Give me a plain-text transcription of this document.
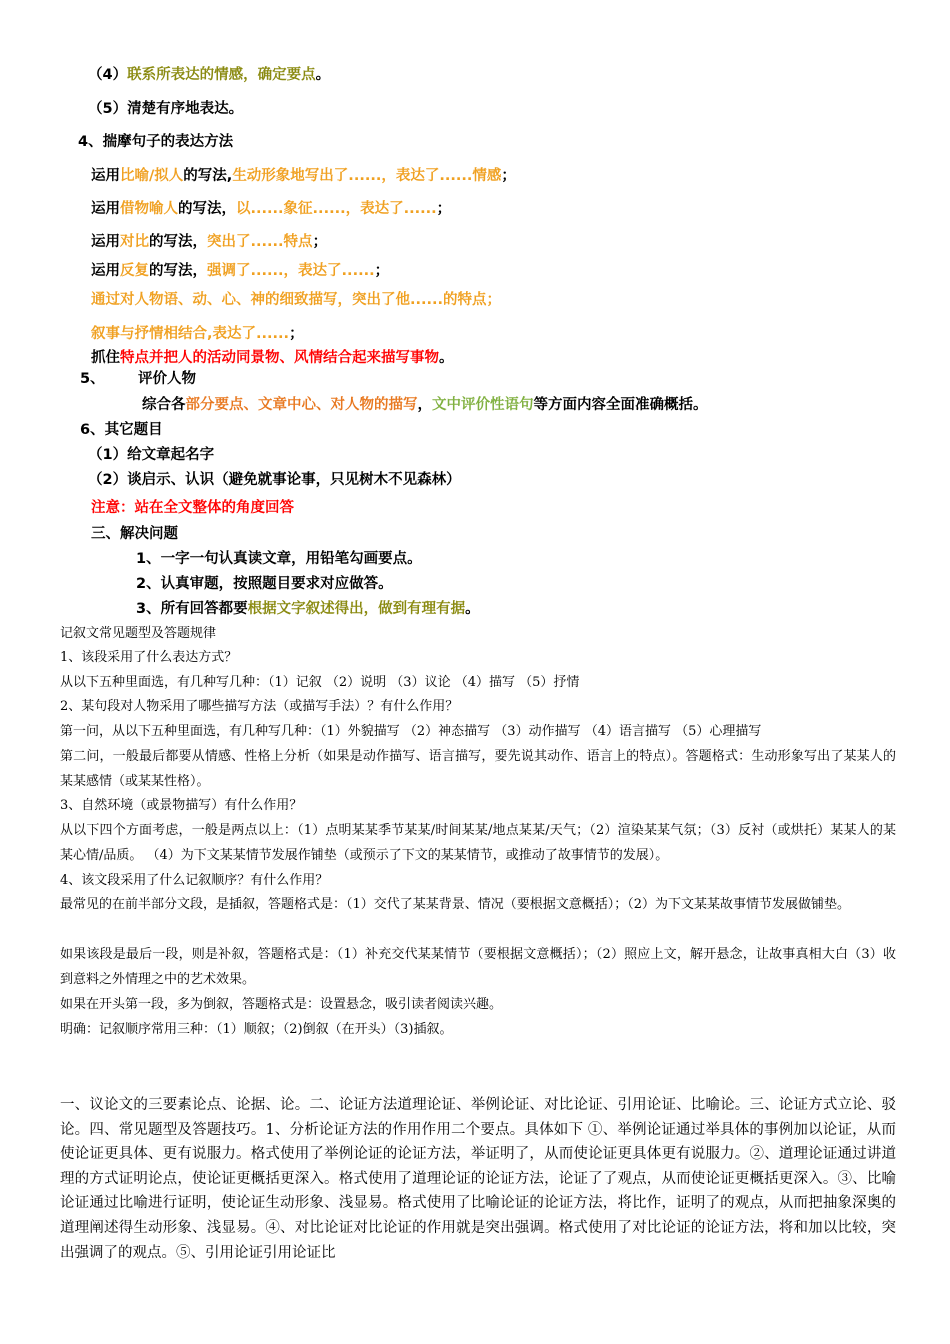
（4）联系所表达的情感，确定要点。
（5）清楚有序地表达。
4、揣摩句子的表达方法
运用比喻/拟人的写法,生动形象地写出了......，表达了......情感；
运用借物喻人的写法，以......象征......，表达了......；
运用对比的写法，突出了......特点；
运用反复的写法，强调了......，表达了......；
通过对人物语、动、心、神的细致描写，突出了他......的特点；
叙事与抒情相结合,表达了......；
抓住特点并把人的活动同景物、风情结合起来描写事物。
5、 评价人物
综合各部分要点、文章中心、对人物的描写，文中评价性语句等方面内容全面准确概括。
6、其它题目
（1）给文章起名字
（2）谈启示、认识（避免就事论事，只见树木不见森林）
注意：站在全文整体的角度回答
三、解决问题
1、一字一句认真读文章，用铅笔勾画要点。
2、认真审题，按照题目要求对应做答。
3、所有回答都要根据文字叙述得出，做到有理有据。
记叙文常见题型及答题规律
1、该段采用了什么表达方式？
从以下五种里面选，有几种写几种：（1）记叙 （2）说明 （3）议论 （4）描写 （5）抒情
2、某句段对人物采用了哪些描写方法（或描写手法）？有什么作用？
第一问，从以下五种里面选，有几种写几种：（1）外貌描写 （2）神态描写 （3）动作描写 （4）语言描写 （5）心理描写
第二问，一般最后都要从情感、性格上分析（如果是动作描写、语言描写，要先说其动作、语言上的特点）。答题格式：生动形象写出了某某人的某某感情（或某某性格）。
3、自然环境（或景物描写）有什么作用？
从以下四个方面考虑，一般是两点以上：（1）点明某某季节某某/时间某某/地点某某/天气；（2）渲染某某气氛；（3）反衬（或烘托）某某人的某某心情/品质。 （4）为下文某某情节发展作铺垫（或预示了下文的某某情节，或推动了故事情节的发展）。
4、该文段采用了什么记叙顺序？有什么作用？
最常见的在前半部分文段，是插叙，答题格式是：（1）交代了某某背景、情况（要根据文意概括）；（2）为下文某某故事情节发展做铺垫。
如果该段是最后一段，则是补叙，答题格式是：（1）补充交代某某情节（要根据文意概括）；（2）照应上文，解开悬念，让故事真相大白（3）收到意料之外情理之中的艺术效果。
如果在开头第一段，多为倒叙，答题格式是：设置悬念，吸引读者阅读兴趣。
明确：记叙顺序常用三种：（1）顺叙；（2)倒叙（在开头）（3)插叙。
一、议论文的三要素论点、论据、论。二、论证方法道理论证、举例论证、对比论证、引用论证、比喻论。三、论证方式立论、驳论。四、常见题型及答题技巧。1、分析论证方法的作用作用二个要点。具体如下 ①、举例论证通过举具体的事例加以论证，从而使论证更具体、更有说服力。格式使用了举例论证的论证方法，举证明了，从而使论证更具体更有说服力。②、道理论证通过讲道理的方式证明论点，使论证更概括更深入。格式使用了道理论证的论证方法，论证了了观点，从而使论证更概括更深入。③、比喻论证通过比喻进行证明，使论证生动形象、浅显易。格式使用了比喻论证的论证方法，将比作，证明了的观点，从而把抽象深奥的道理阐述得生动形象、浅显易。④、对比论证对比论证的作用就是突出强调。格式使用了对比论证的论证方法，将和加以比较，突出强调了的观点。⑤、引用论证引用论证比
